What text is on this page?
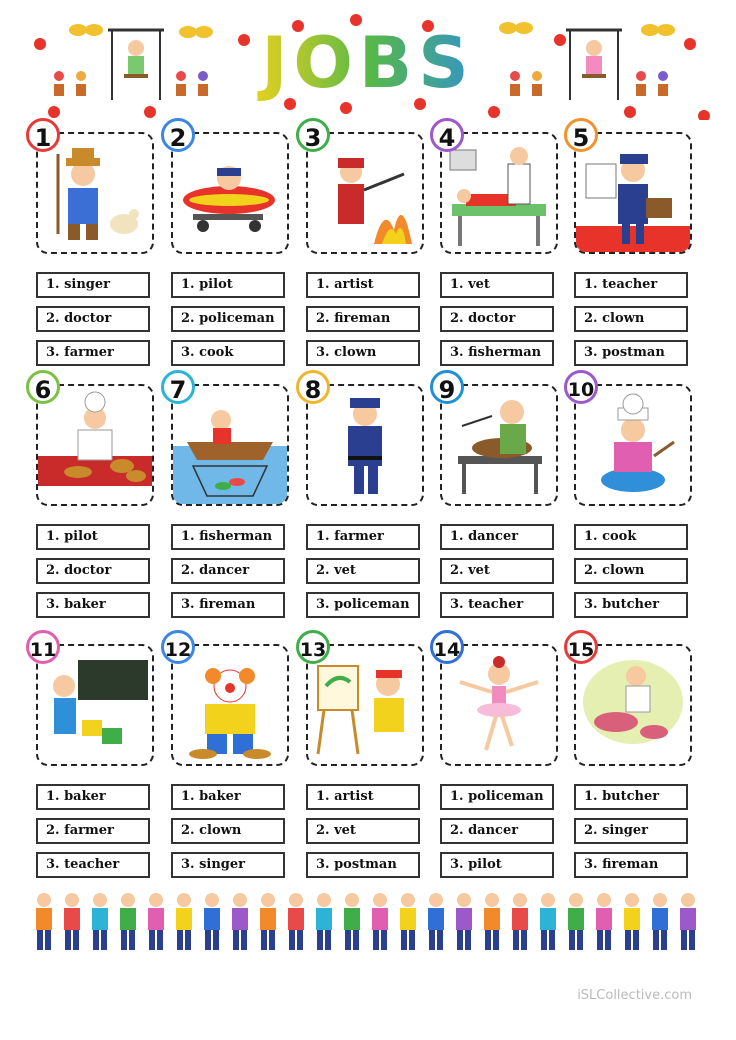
JOBS
1
1. singer
2. doctor
3. farmer
2
1. pilot
2. policeman
3. cook
3
1. artist
2. fireman
3. clown
4
1. vet
2. doctor
3. fisherman
5
1. teacher
2. clown
3. postman
6
1. pilot
2. doctor
3. baker
7
1. fisherman
2. dancer
3. fireman
8
1. farmer
2. vet
3. policeman
9
1. dancer
2. vet
3. teacher
10
1. cook
2. clown
3. butcher
11
1. baker
2. farmer
3. teacher
12
1. baker
2. clown
3. singer
13
1. artist
2. vet
3. postman
14
1. policeman
2. dancer
3. pilot
15
1. butcher
2. singer
3. fireman
iSLCollective.com
